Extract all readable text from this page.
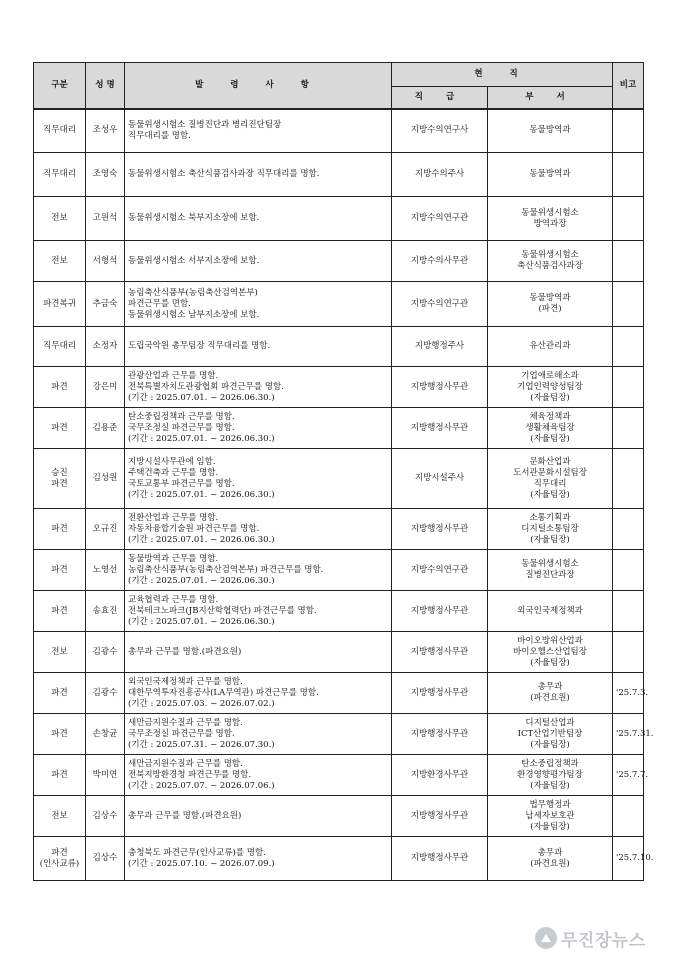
구분	성 명	발 령 사 항	현 직		비고
			직 급	부 서	
직무대리	조성우	동물위생시험소 질병진단과 병리진단팀장
직무대리를 명함.	지방수의연구사	동물방역과	
직무대리	조영숙	동물위생시험소 축산식품검사과장 직무대리를 명함.	지방수의주사	동물방역과	
전보	고원석	동물위생시험소 북부지소장에 보함.	지방수의연구관	동물위생시험소
방역과장	
전보	서형석	동물위생시험소 서부지소장에 보함.	지방수의사무관	동물위생시험소
축산식품검사과장	
파견복귀	추금숙	농림축산식품부(농림축산검역본부)
파견근무를 면함.
동물위생시험소 남부지소장에 보함.	지방수의연구관	동물방역과
(파견)	
직무대리	소정자	도립국악원 총무팀장 직무대리를 명함.	지방행정주사	유산관리과	
파견	강은미	관광산업과 근무를 명함.
전북특별자치도관광협회 파견근무를 명함.
(기간 : 2025.07.01. ~ 2026.06.30.)	지방행정사무관	기업애로해소과
기업인력양성팀장
(자율팀장)	
파견	김용준	탄소중립정책과 근무를 명함.
국무조정실 파견근무를 명함.
(기간 : 2025.07.01. ~ 2026.06.30.)	지방행정사무관	체육정책과
생활체육팀장
(자율팀장)	
승진
파견	김성원	지방시설사무관에 임함.
주택건축과 근무를 명함.
국토교통부 파견근무를 명함.
(기간 : 2025.07.01. ~ 2026.06.30.)	지방시설주사	문화산업과
도서관문화시설팀장
직무대리
(자율팀장)	
파견	오규진	전환산업과 근무를 명함.
자동차융합기술원 파견근무를 명함.
(기간 : 2025.07.01. ~ 2026.06.30.)	지방행정사무관	소통기획과
디지털소통팀장
(자율팀장)	
파견	노영선	동물방역과 근무를 명함.
농림축산식품부(농림축산검역본부) 파견근무를 명함.
(기간 : 2025.07.01. ~ 2026.06.30.)	지방수의연구관	동물위생시험소
질병진단과장	
파견	송효진	교육협력과 근무를 명함.
전북테크노파크(JB지산학협력단) 파견근무를 명함.
(기간 : 2025.07.01. ~ 2026.06.30.)	지방행정사무관	외국인국제정책과	
전보	김광수	총무과 근무를 명함.(파견요원)	지방행정사무관	바이오방위산업과
바이오헬스산업팀장
(자율팀장)	
파견	김광수	외국인국제정책과 근무를 명함.
대한무역투자진흥공사(LA무역관) 파견근무를 명함.
(기간 : 2025.07.03. ~ 2026.07.02.)	지방행정사무관	총무과
(파견요원)	'25.7.3.
파견	손창균	새만금지원수질과 근무를 명함.
국무조정실 파견근무를 명함.
(기간 : 2025.07.31. ~ 2026.07.30.)	지방행정사무관	디지털산업과
ICT산업기반팀장
(자율팀장)	'25.7.31.
파견	박미연	새만금지원수질과 근무를 명함.
전북지방환경청 파견근무를 명함.
(기간 : 2025.07.07. ~ 2026.07.06.)	지방환경사무관	탄소중립정책과
환경영향평가팀장
(자율팀장)	'25.7.7.
전보	김상수	총무과 근무를 명함.(파견요원)	지방행정사무관	법무행정과
납세자보호관
(자율팀장)	
파견
(인사교류)	김상수	충청북도 파견근무(인사교류)를 명함.
(기간 : 2025.07.10. ~ 2026.07.09.)	지방행정사무관	총무과
(파견요원)	'25.7.10.
무진장뉴스
